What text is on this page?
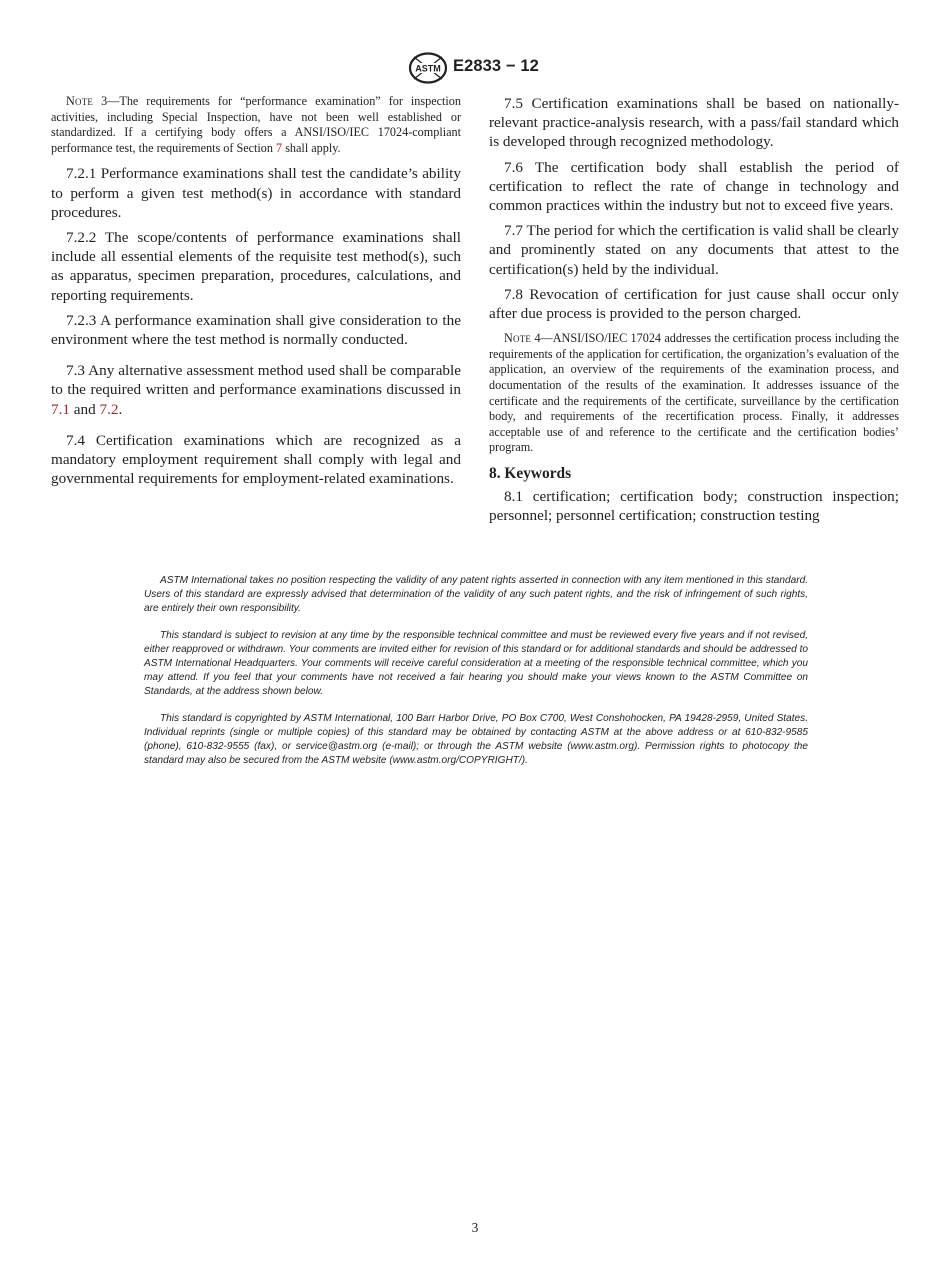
ASTM E2833 − 12

Note 3—The requirements for “performance examination” for inspection activities, including Special Inspection, have not been well established or standardized. If a certifying body offers a ANSI/ISO/IEC 17024-compliant performance test, the requirements of Section 7 shall apply.

7.2.1 Performance examinations shall test the candidate’s ability to perform a given test method(s) in accordance with standard procedures.

7.2.2 The scope/contents of performance examinations shall include all essential elements of the requisite test method(s), such as apparatus, specimen preparation, procedures, calculations, and reporting requirements.

7.2.3 A performance examination shall give consideration to the environment where the test method is normally conducted.

7.3 Any alternative assessment method used shall be comparable to the required written and performance examinations discussed in 7.1 and 7.2.

7.4 Certification examinations which are recognized as a mandatory employment requirement shall comply with legal and governmental requirements for employment-related examinations.

7.5 Certification examinations shall be based on nationally-relevant practice-analysis research, with a pass/fail standard which is developed through recognized methodology.

7.6 The certification body shall establish the period of certification to reflect the rate of change in technology and common practices within the industry but not to exceed five years.

7.7 The period for which the certification is valid shall be clearly and prominently stated on any documents that attest to the certification(s) held by the individual.

7.8 Revocation of certification for just cause shall occur only after due process is provided to the person charged.

Note 4—ANSI/ISO/IEC 17024 addresses the certification process including the requirements of the application for certification, the organization’s evaluation of the application, an overview of the requirements of the examination process, and documentation of the results of the examination. It addresses issuance of the certificate and the requirements of the certificate, surveillance by the certification body, and requirements of the recertification process. Finally, it addresses acceptable use of and reference to the certificate and the certification bodies’ program.

8. Keywords

8.1 certification; certification body; construction inspection; personnel; personnel certification; construction testing

ASTM International takes no position respecting the validity of any patent rights asserted in connection with any item mentioned in this standard. Users of this standard are expressly advised that determination of the validity of any such patent rights, and the risk of infringement of such rights, are entirely their own responsibility.

This standard is subject to revision at any time by the responsible technical committee and must be reviewed every five years and if not revised, either reapproved or withdrawn. Your comments are invited either for revision of this standard or for additional standards and should be addressed to ASTM International Headquarters. Your comments will receive careful consideration at a meeting of the responsible technical committee, which you may attend. If you feel that your comments have not received a fair hearing you should make your views known to the ASTM Committee on Standards, at the address shown below.

This standard is copyrighted by ASTM International, 100 Barr Harbor Drive, PO Box C700, West Conshohocken, PA 19428-2959, United States. Individual reprints (single or multiple copies) of this standard may be obtained by contacting ASTM at the above address or at 610-832-9585 (phone), 610-832-9555 (fax), or service@astm.org (e-mail); or through the ASTM website (www.astm.org). Permission rights to photocopy the standard may also be secured from the ASTM website (www.astm.org/COPYRIGHT/).

3
